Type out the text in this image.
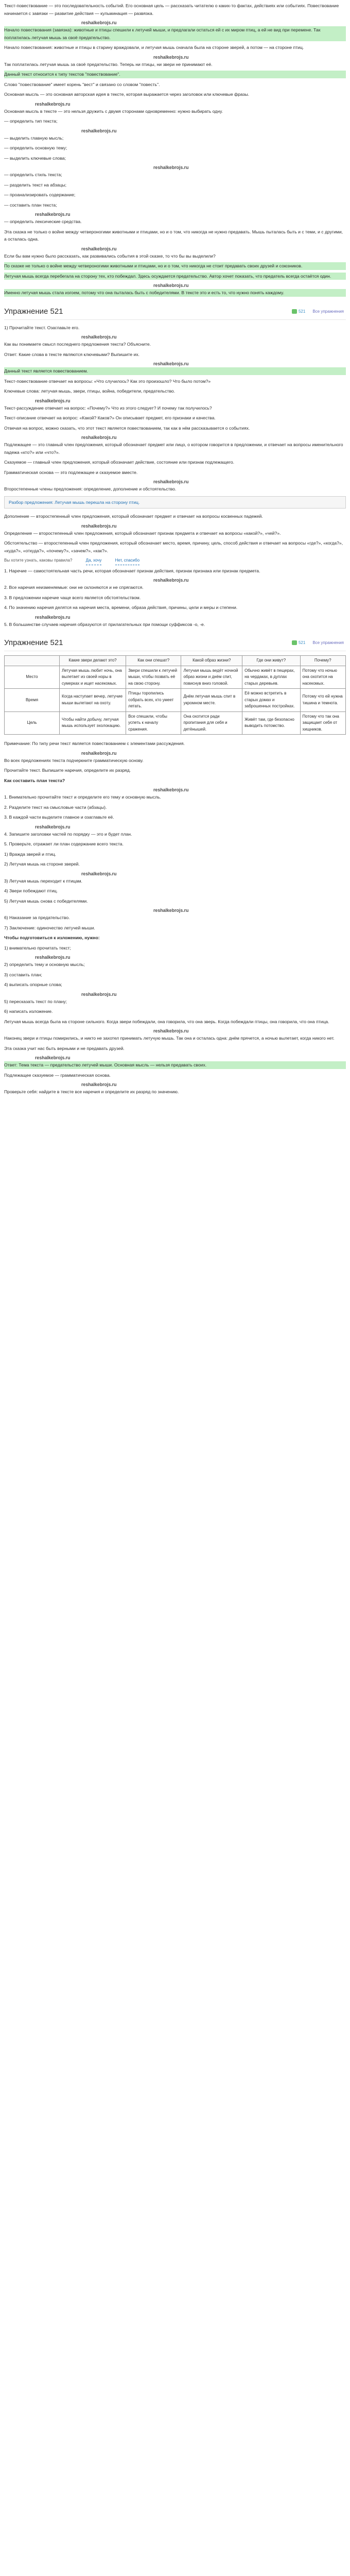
Текст-повествование — это последовательность событий. Его основная цель — рассказать читателю о каких-то фактах, действиях или событиях. Повествование начинается с завязки — развитие действия — кульминация — развязка.

reshalkebrojs.ru

Начало повествования (завязка): животные и птицы спешили к летучей мыши, и предлагали остаться ей с их миром птиц, а ей не вид при перемене. Так поплатилась летучая мышь за своё предательство.

Начало повествования: животные и птицы в старину враждовали, и летучая мышь сначала была на стороне зверей, а потом — на стороне птиц.

reshalkebrojs.ru

Так поплатилась летучая мышь за своё предательство. Теперь ни птицы, ни звери не принимают её.

Данный текст относится к типу текстов "повествование".

Слово "повествование" имеет корень "вест" и связано со словом "повесть".

Основная мысль — это основная авторская идея в тексте, которая выражается через заголовок или ключевые фразы.

reshalkebrojs.ru

Основная мысль в тексте — это нельзя дружить с двумя сторонами одновременно: нужно выбирать одну.

— определить тип текста;

reshalkebrojs.ru

— выделить главную мысль;

— определить основную тему;

— выделить ключевые слова;

reshalkebrojs.ru

— определить стиль текста;

— разделить текст на абзацы;

— проанализировать содержание;

— составить план текста;

reshalkebrojs.ru

— определить лексические средства.

Эта сказка не только о войне между четвероногими животными и птицами, но и о том, что никогда не нужно предавать. Мышь пыталась быть и с теми, и с другими, а осталась одна.

reshalkebrojs.ru

Если бы вам нужно было рассказать, как развивались события в этой сказке, то что бы вы выделили?

По сказке не только о войне между четвероногими животными и птицами, но и о том, что никогда не стоит предавать своих друзей и союзников.

Летучая мышь всегда перебегала на сторону тех, кто побеждал. Здесь осуждается предательство. Автор хочет показать, что предатель всегда остаётся один.

reshalkebrojs.ru

Именно летучая мышь стала изгоем, потому что она пыталась быть с победителями. В тексте это и есть то, что нужно понять каждому.

Упражнение 521	521 Все упражнения

1) Прочитайте текст. Озаглавьте его.

reshalkebrojs.ru

Как вы понимаете смысл последнего предложения текста? Объясните.

Ответ: Какие слова в тексте являются ключевыми? Выпишите их.

reshalkebrojs.ru

Данный текст является повествованием.

Текст-повествование отвечает на вопросы: «Что случилось? Как это произошло? Что было потом?»

Ключевые слова: летучая мышь, звери, птицы, война, победители, предательство.

reshalkebrojs.ru

Текст-рассуждение отвечает на вопрос: «Почему?» Что из этого следует? И почему так получилось?

Текст-описание отвечает на вопрос: «Какой? Каков?» Он описывает предмет, его признаки и качества.

Отвечая на вопрос, можно сказать, что этот текст является повествованием, так как в нём рассказывается о событиях.

reshalkebrojs.ru

Подлежащее — это главный член предложения, который обозначает предмет или лицо, о котором говорится в предложении, и отвечает на вопросы именительного падежа «кто?» или «что?».

Сказуемое — главный член предложения, который обозначает действие, состояние или признак подлежащего.

Грамматическая основа — это подлежащее и сказуемое вместе.

reshalkebrojs.ru

Второстепенные члены предложения: определение, дополнение и обстоятельство.

Разбор предложения: Летучая мышь перешла на сторону птиц.

Дополнение — второстепенный член предложения, который обозначает предмет и отвечает на вопросы косвенных падежей.

reshalkebrojs.ru

Определение — второстепенный член предложения, который обозначает признак предмета и отвечает на вопросы «какой?», «чей?».

Обстоятельство — второстепенный член предложения, который обозначает место, время, причину, цель, способ действия и отвечает на вопросы «где?», «когда?», «куда?», «откуда?», «почему?», «зачем?», «как?».

Вы хотите узнать, каковы правила?	Да, хочу	Нет, спасибо

1. Наречие — самостоятельная часть речи, которая обозначает признак действия, признак признака или признак предмета.

reshalkebrojs.ru

2. Все наречия неизменяемые: они не склоняются и не спрягаются.

3. В предложении наречие чаще всего является обстоятельством.

4. По значению наречия делятся на наречия места, времени, образа действия, причины, цели и меры и степени.

reshalkebrojs.ru

5. В большинстве случаев наречия образуются от прилагательных при помощи суффиксов -о, -е.

Упражнение 521	521 Все упражнения
	Какие звери делают это?	Как они спешат?	Какой образ жизни?	Где они живут?	Почему?
Место	Летучая мышь любит ночь, она вылетает из своей норы в сумерках и ищет насекомых.	Звери спешили к летучей мыши, чтобы позвать её на свою сторону.	Летучая мышь ведёт ночной образ жизни и днём спит, повиснув вниз головой.	Обычно живёт в пещерах, на чердаках, в дуплах старых деревьев.	Потому что ночью она охотится на насекомых.
Время	Когда наступает вечер, летучие мыши вылетают на охоту.	Птицы торопились собрать всех, кто умеет летать.	Днём летучая мышь спит в укромном месте.	Её можно встретить в старых домах и заброшенных постройках.	Потому что ей нужна тишина и темнота.
Цель	Чтобы найти добычу, летучая мышь использует эхолокацию.	Все спешили, чтобы успеть к началу сражения.	Она охотится ради пропитания для себя и детёнышей.	Живёт там, где безопасно выводить потомство.	Потому что так она защищает себя от хищников.

Примечание: По типу речи текст является повествованием с элементами рассуждения.

reshalkebrojs.ru

Во всех предложениях текста подчеркните грамматическую основу.

Прочитайте текст. Выпишите наречия, определите их разряд.

Как составить план текста?

reshalkebrojs.ru

1. Внимательно прочитайте текст и определите его тему и основную мысль.

2. Разделите текст на смысловые части (абзацы).

3. В каждой части выделите главное и озаглавьте её.

reshalkebrojs.ru

4. Запишите заголовки частей по порядку — это и будет план.

5. Проверьте, отражает ли план содержание всего текста.

1) Вражда зверей и птиц.

2) Летучая мышь на стороне зверей.

reshalkebrojs.ru

3) Летучая мышь переходит к птицам.

4) Звери побеждают птиц.

5) Летучая мышь снова с победителями.

reshalkebrojs.ru

6) Наказание за предательство.

7) Заключение: одиночество летучей мыши.

Чтобы подготовиться к изложению, нужно:

1) внимательно прочитать текст;

reshalkebrojs.ru

2) определить тему и основную мысль;

3) составить план;

4) выписать опорные слова;

reshalkebrojs.ru

5) пересказать текст по плану;

6) написать изложение.

Летучая мышь всегда была на стороне сильного. Когда звери побеждали, она говорила, что она зверь. Когда побеждали птицы, она говорила, что она птица.

reshalkebrojs.ru

Наконец звери и птицы помирились, и никто не захотел принимать летучую мышь. Так она и осталась одна: днём прячется, а ночью вылетает, когда никого нет.

Эта сказка учит нас быть верными и не предавать друзей.

reshalkebrojs.ru

Ответ: Тема текста — предательство летучей мыши. Основная мысль — нельзя предавать своих.

Подлежащее сказуемое — грамматическая основа.

reshalkebrojs.ru

Проверьте себя: найдите в тексте все наречия и определите их разряд по значению.
